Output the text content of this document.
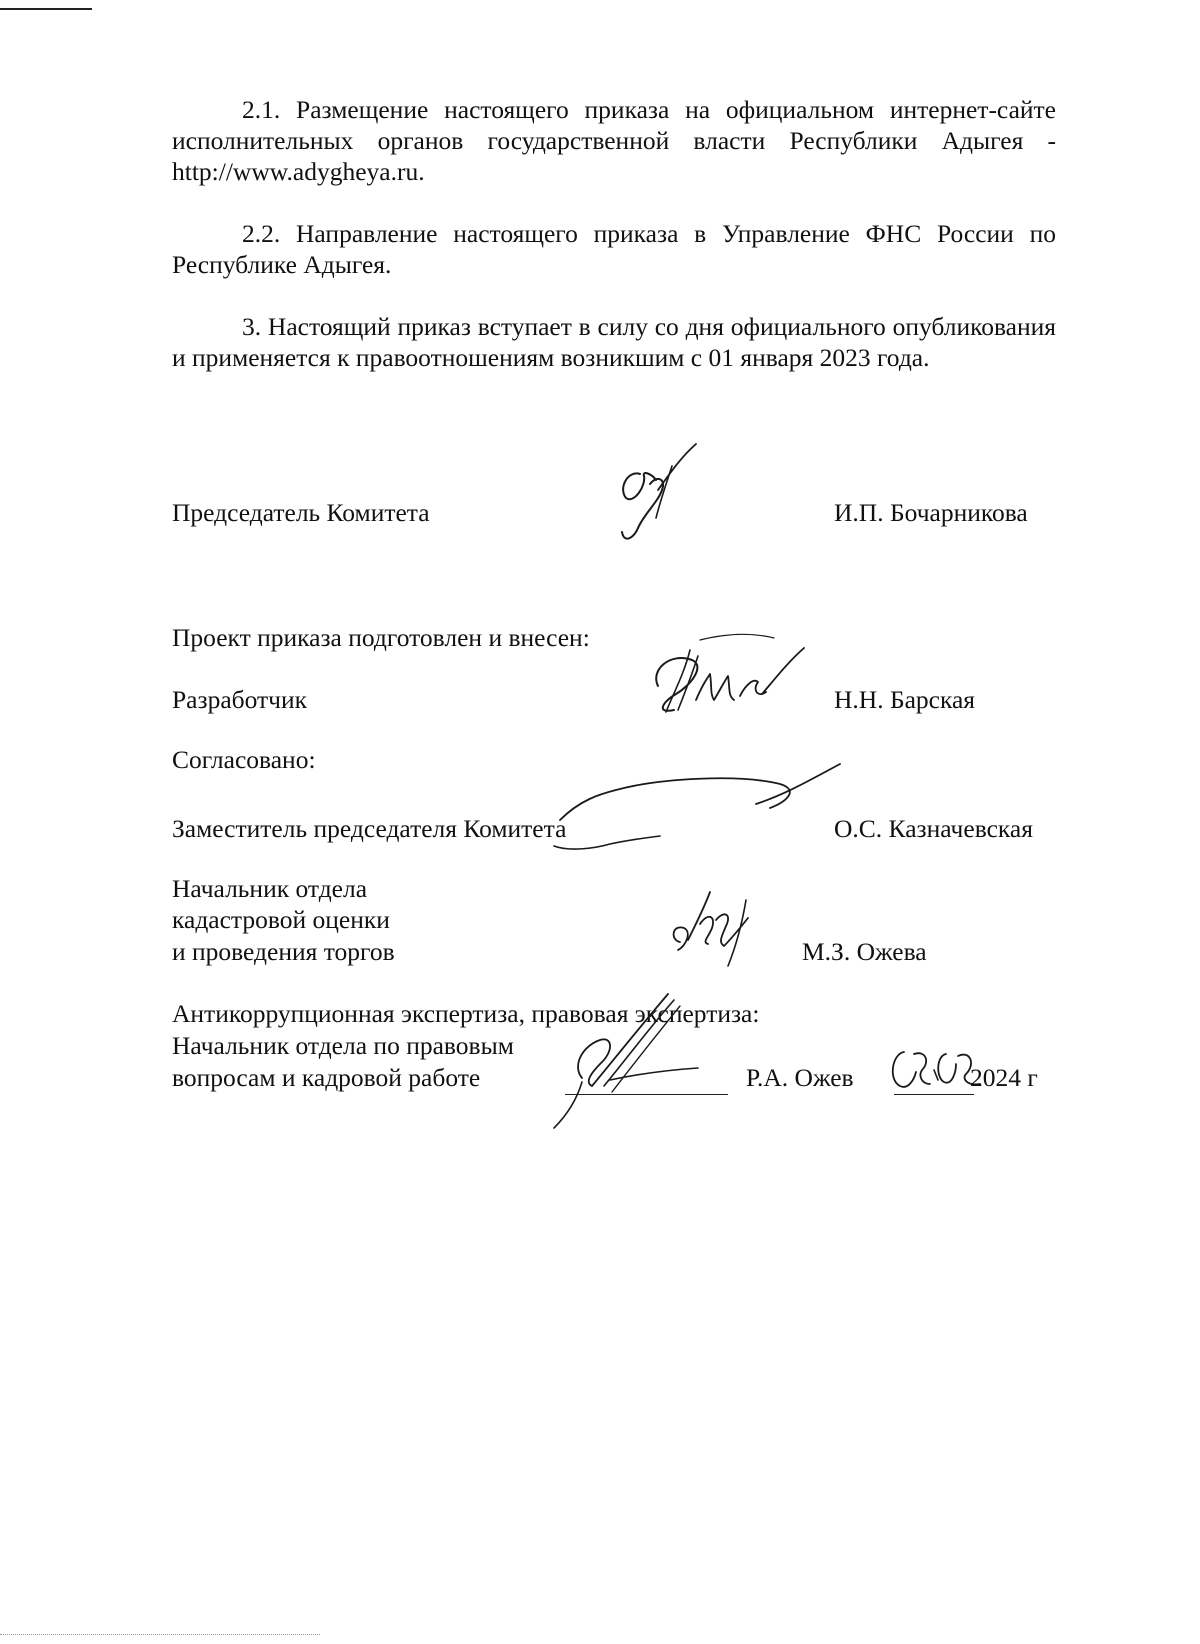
2.1. Размещение настоящего приказа на официальном интернет-сайте исполнительных органов государственной власти Республики Адыгея - http://www.adygheya.ru.
2.2. Направление настоящего приказа в Управление ФНС России по Республике Адыгея.
3. Настоящий приказ вступает в силу со дня официального опубликования и применяется к правоотношениям возникшим с 01 января 2023 года.
Председатель Комитета	И.П. Бочарникова
Проект приказа подготовлен и внесен:
Разработчик	Н.Н. Барская
Согласовано:
Заместитель председателя Комитета	О.С. Казначевская
Начальник отдела
кадастровой оценки
и проведения торгов	М.З. Ожева
Антикоррупционная экспертиза, правовая экспертиза:
Начальник отдела по правовым
вопросам и кадровой работе	Р.А. Ожев	2024 г
